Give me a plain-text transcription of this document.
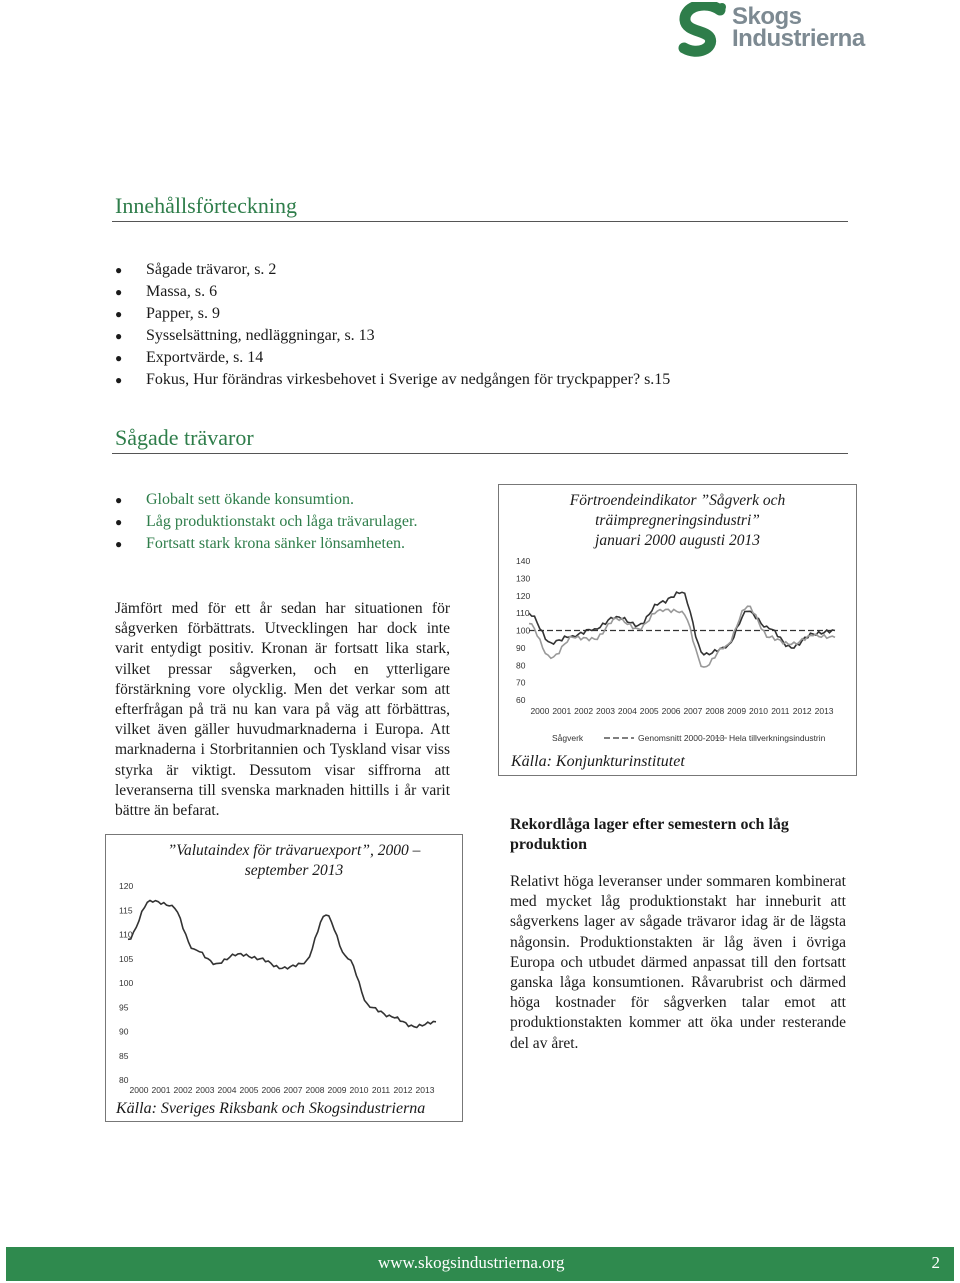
Skogs
Industrierna
Innehållsförteckning
● Sågade trävaror, s. 2
● Massa, s. 6
● Papper, s. 9
● Sysselsättning, nedläggningar, s. 13
● Exportvärde, s. 14
● Fokus, Hur förändras virkesbehovet i Sverige av nedgången för tryckpapper? s.15
Sågade trävaror
● Globalt sett ökande konsumtion.
● Låg produktionstakt och låga trävarulager.
● Fortsatt stark krona sänker lönsamheten.
Jämfört med för ett år sedan har situationen för sågverken förbättrats. Utvecklingen har dock inte varit entydigt positiv. Kronan är fortsatt lika stark, vilket pressar sågverken, och en ytterligare förstärkning vore olycklig. Men det verkar som att efterfrågan på trä nu kan vara på väg att förbättras, vilket även gäller huvudmarknaderna i Europa. Att marknaderna i Storbritannien och Tyskland visar viss styrka är viktigt. Dessutom visar siffrorna att leveranserna till svenska marknaden hittills i år varit bättre än befarat.
Förtroendeindikator ”Sågverk och
träimpregneringsindustri”
januari 2000 augusti 2013
140
130
120
110
100
90
80
70
60
2000 2001 2002 2003 2004 2005 2006 2007 2008 2009 2010 2011 2012 2013
Sågverk	Genomsnitt 2000-2013 Hela tillverkningsindustrin
Källa: Konjunkturinstitutet
Rekordlåga lager efter semestern och låg produktion
Relativt höga leveranser under sommaren kombinerat med mycket låg produktionstakt har inneburit att sågverkens lager av sågade trävaror idag är de lägsta någonsin. Produktionstakten är låg även i övriga Europa och utbudet därmed anpassat till den fortsatt ganska låga konsumtionen. Råvarubrist och därmed höga kostnader för sågverken talar emot att produktionstakten kommer att öka under resterande del av året.
”Valutaindex för trävaruexport”, 2000 –
september 2013
120
115
110
105
100
95
90
85
80
2000 2001 2002 2003 2004 2005 2006 2007 2008 2009 2010 2011 2012 2013
Källa: Sveriges Riksbank och Skogsindustrierna
www.skogsindustrierna.org	2
